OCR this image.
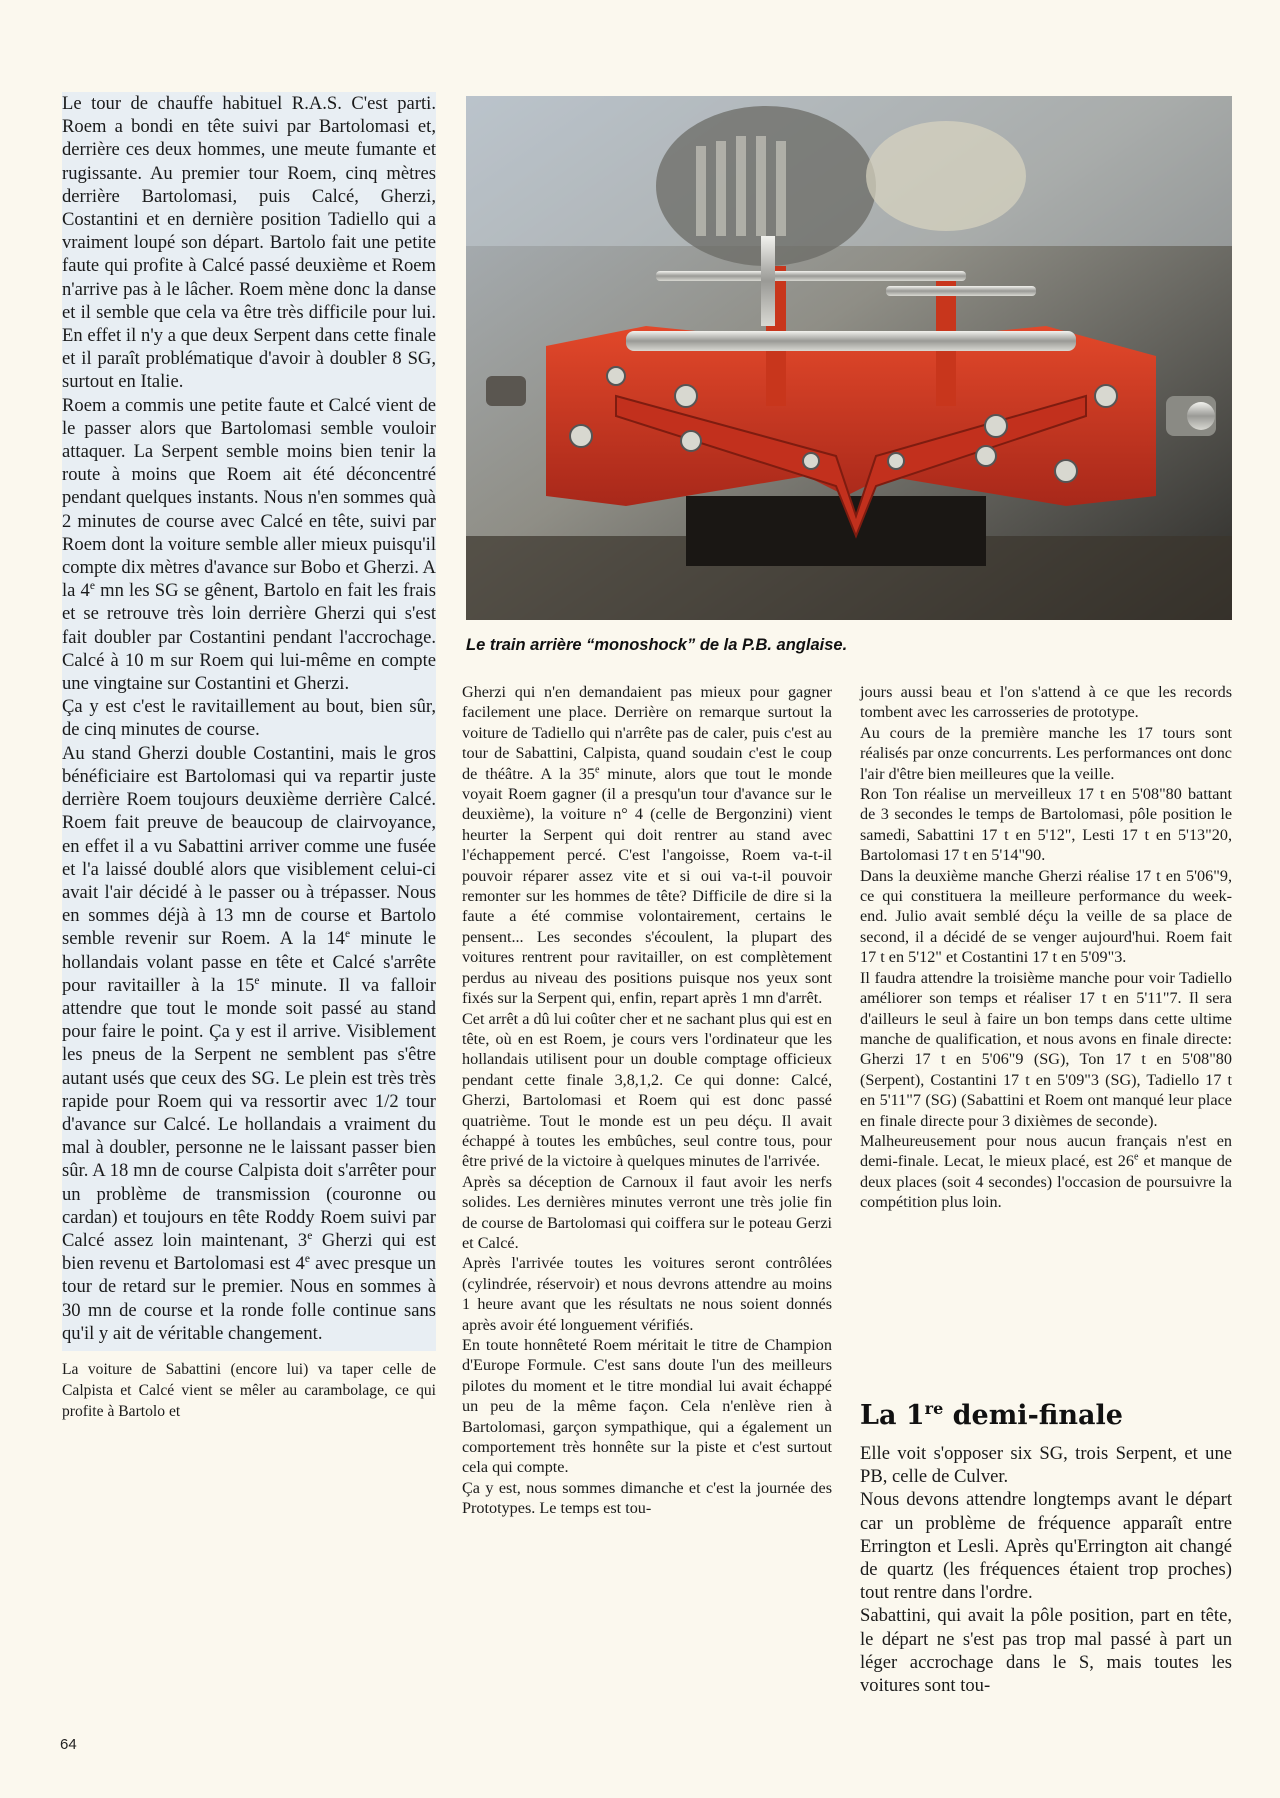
Le tour de chauffe habituel R.A.S. C'est parti. Roem a bondi en tête suivi par Bartolomasi et, derrière ces deux hommes, une meute fumante et rugissante. Au premier tour Roem, cinq mètres derrière Bartolomasi, puis Calcé, Gherzi, Costantini et en dernière position Tadiello qui a vraiment loupé son départ. Bartolo fait une petite faute qui profite à Calcé passé deuxième et Roem n'arrive pas à le lâcher. Roem mène donc la danse et il semble que cela va être très difficile pour lui. En effet il n'y a que deux Serpent dans cette finale et il paraît problématique d'avoir à doubler 8 SG, surtout en Italie.

Roem a commis une petite faute et Calcé vient de le passer alors que Bartolomasi semble vouloir attaquer. La Serpent semble moins bien tenir la route à moins que Roem ait été déconcentré pendant quelques instants. Nous n'en sommes quà 2 minutes de course avec Calcé en tête, suivi par Roem dont la voiture semble aller mieux puisqu'il compte dix mètres d'avance sur Bobo et Gherzi. A la 4e mn les SG se gênent, Bartolo en fait les frais et se retrouve très loin derrière Gherzi qui s'est fait doubler par Costantini pendant l'accrochage. Calcé à 10 m sur Roem qui lui-même en compte une vingtaine sur Costantini et Gherzi.

Ça y est c'est le ravitaillement au bout, bien sûr, de cinq minutes de course.

Au stand Gherzi double Costantini, mais le gros bénéficiaire est Bartolomasi qui va repartir juste derrière Roem toujours deuxième derrière Calcé. Roem fait preuve de beaucoup de clairvoyance, en effet il a vu Sabattini arriver comme une fusée et l'a laissé doublé alors que visiblement celui-ci avait l'air décidé à le passer ou à trépasser. Nous en sommes déjà à 13 mn de course et Bartolo semble revenir sur Roem. A la 14e minute le hollandais volant passe en tête et Calcé s'arrête pour ravitailler à la 15e minute. Il va falloir attendre que tout le monde soit passé au stand pour faire le point. Ça y est il arrive. Visiblement les pneus de la Serpent ne semblent pas s'être autant usés que ceux des SG. Le plein est très très rapide pour Roem qui va ressortir avec 1/2 tour d'avance sur Calcé. Le hollandais a vraiment du mal à doubler, personne ne le laissant passer bien sûr. A 18 mn de course Calpista doit s'arrêter pour un problème de transmission (couronne ou cardan) et toujours en tête Roddy Roem suivi par Calcé assez loin maintenant, 3e Gherzi qui est bien revenu et Bartolomasi est 4e avec presque un tour de retard sur le premier. Nous en sommes à 30 mn de course et la ronde folle continue sans qu'il y ait de véritable changement.

La voiture de Sabattini (encore lui) va taper celle de Calpista et Calcé vient se mêler au carambolage, ce qui profite à Bartolo et

Le train arrière “monoshock” de la P.B. anglaise.

Gherzi qui n'en demandaient pas mieux pour gagner facilement une place. Derrière on remarque surtout la voiture de Tadiello qui n'arrête pas de caler, puis c'est au tour de Sabattini, Calpista, quand soudain c'est le coup de théâtre. A la 35e minute, alors que tout le monde voyait Roem gagner (il a presqu'un tour d'avance sur le deuxième), la voiture n° 4 (celle de Bergonzini) vient heurter la Serpent qui doit rentrer au stand avec l'échappement percé. C'est l'angoisse, Roem va-t-il pouvoir réparer assez vite et si oui va-t-il pouvoir remonter sur les hommes de tête? Difficile de dire si la faute a été commise volontairement, certains le pensent... Les secondes s'écoulent, la plupart des voitures rentrent pour ravitailler, on est complètement perdus au niveau des positions puisque nos yeux sont fixés sur la Serpent qui, enfin, repart après 1 mn d'arrêt.

Cet arrêt a dû lui coûter cher et ne sachant plus qui est en tête, où en est Roem, je cours vers l'ordinateur que les hollandais utilisent pour un double comptage officieux pendant cette finale 3,8,1,2. Ce qui donne: Calcé, Gherzi, Bartolomasi et Roem qui est donc passé quatrième. Tout le monde est un peu déçu. Il avait échappé à toutes les embûches, seul contre tous, pour être privé de la victoire à quelques minutes de l'arrivée.

Après sa déception de Carnoux il faut avoir les nerfs solides. Les dernières minutes verront une très jolie fin de course de Bartolomasi qui coiffera sur le poteau Gerzi et Calcé.

Après l'arrivée toutes les voitures seront contrôlées (cylindrée, réservoir) et nous devrons attendre au moins 1 heure avant que les résultats ne nous soient donnés après avoir été longuement vérifiés.

En toute honnêteté Roem méritait le titre de Champion d'Europe Formule. C'est sans doute l'un des meilleurs pilotes du moment et le titre mondial lui avait échappé un peu de la même façon. Cela n'enlève rien à Bartolomasi, garçon sympathique, qui a également un comportement très honnête sur la piste et c'est surtout cela qui compte.

Ça y est, nous sommes dimanche et c'est la journée des Prototypes. Le temps est tou-

jours aussi beau et l'on s'attend à ce que les records tombent avec les carrosseries de prototype.

Au cours de la première manche les 17 tours sont réalisés par onze concurrents. Les performances ont donc l'air d'être bien meilleures que la veille.

Ron Ton réalise un merveilleux 17 t en 5'08"80 battant de 3 secondes le temps de Bartolomasi, pôle position le samedi, Sabattini 17 t en 5'12", Lesti 17 t en 5'13"20, Bartolomasi 17 t en 5'14"90.

Dans la deuxième manche Gherzi réalise 17 t en 5'06"9, ce qui constituera la meilleure performance du week-end. Julio avait semblé déçu la veille de sa place de second, il a décidé de se venger aujourd'hui. Roem fait 17 t en 5'12" et Costantini 17 t en 5'09"3.

Il faudra attendre la troisième manche pour voir Tadiello améliorer son temps et réaliser 17 t en 5'11"7. Il sera d'ailleurs le seul à faire un bon temps dans cette ultime manche de qualification, et nous avons en finale directe: Gherzi 17 t en 5'06"9 (SG), Ton 17 t en 5'08"80 (Serpent), Costantini 17 t en 5'09"3 (SG), Tadiello 17 t en 5'11"7 (SG) (Sabattini et Roem ont manqué leur place en finale directe pour 3 dixièmes de seconde).

Malheureusement pour nous aucun français n'est en demi-finale. Lecat, le mieux placé, est 26e et manque de deux places (soit 4 secondes) l'occasion de poursuivre la compétition plus loin.

La 1re demi-finale

Elle voit s'opposer six SG, trois Serpent, et une PB, celle de Culver.

Nous devons attendre longtemps avant le départ car un problème de fréquence apparaît entre Errington et Lesli. Après qu'Errington ait changé de quartz (les fréquences étaient trop proches) tout rentre dans l'ordre.

Sabattini, qui avait la pôle position, part en tête, le départ ne s'est pas trop mal passé à part un léger accrochage dans le S, mais toutes les voitures sont tou-

64
